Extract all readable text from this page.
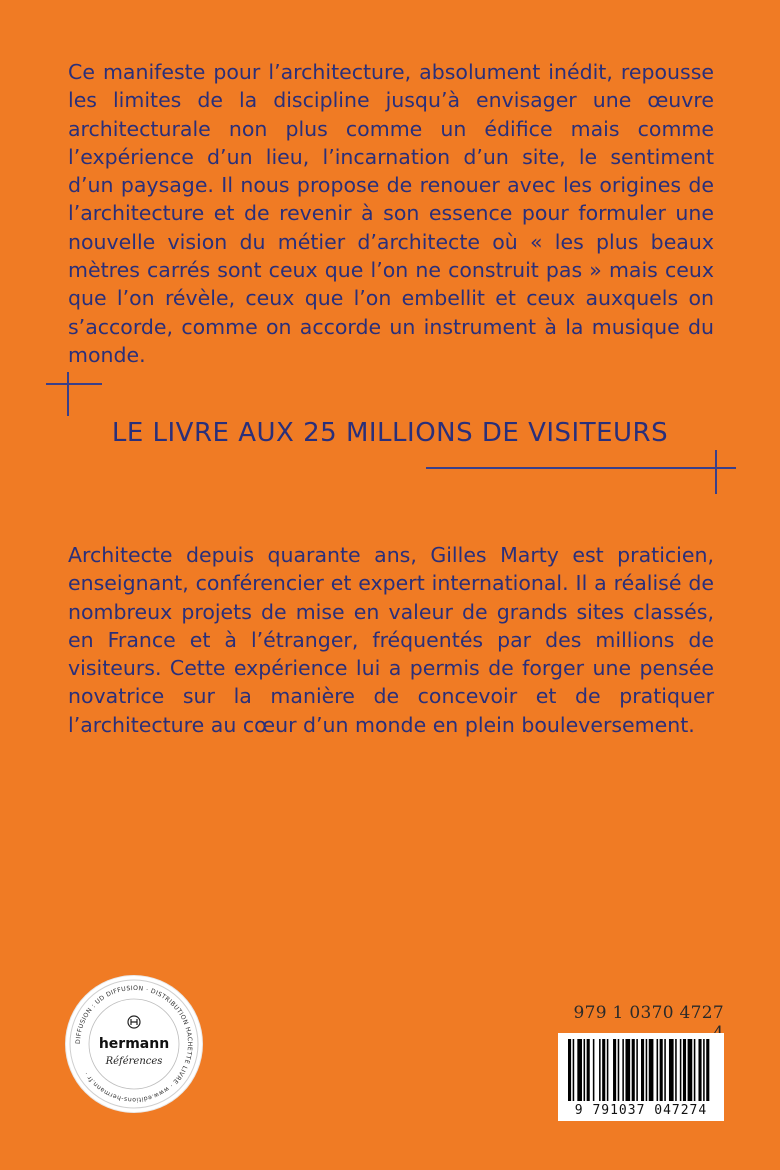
Ce manifeste pour l’architecture, absolument inédit, repousse les limites de la discipline jusqu’à envisager une œuvre architecturale non plus comme un édifice mais comme l’expérience d’un lieu, l’incarnation d’un site, le sentiment d’un paysage. Il nous propose de renouer avec les origines de l’architecture et de revenir à son essence pour formuler une nouvelle vision du métier d’architecte où « les plus beaux mètres carrés sont ceux que l’on ne construit pas » mais ceux que l’on révèle, ceux que l’on embellit et ceux auxquels on s’accorde, comme on accorde un instrument à la musique du monde.

LE LIVRE AUX 25 MILLIONS DE VISITEURS

Architecte depuis quarante ans, Gilles Marty est praticien, enseignant, conférencier et expert international. Il a réalisé de nombreux projets de mise en valeur de grands sites classés, en France et à l’étranger, fréquentés par des millions de visiteurs. Cette expérience lui a permis de forger une pensée novatrice sur la manière de concevoir et de pratiquer l’architecture au cœur d’un monde en plein bouleversement.

DIFFUSION : UD DIFFUSION · DISTRIBUTION HACHETTE LIVRE · www.editions-hermann.fr ·
hermann
Références
979 1 0370 4727
9 791037 047274
